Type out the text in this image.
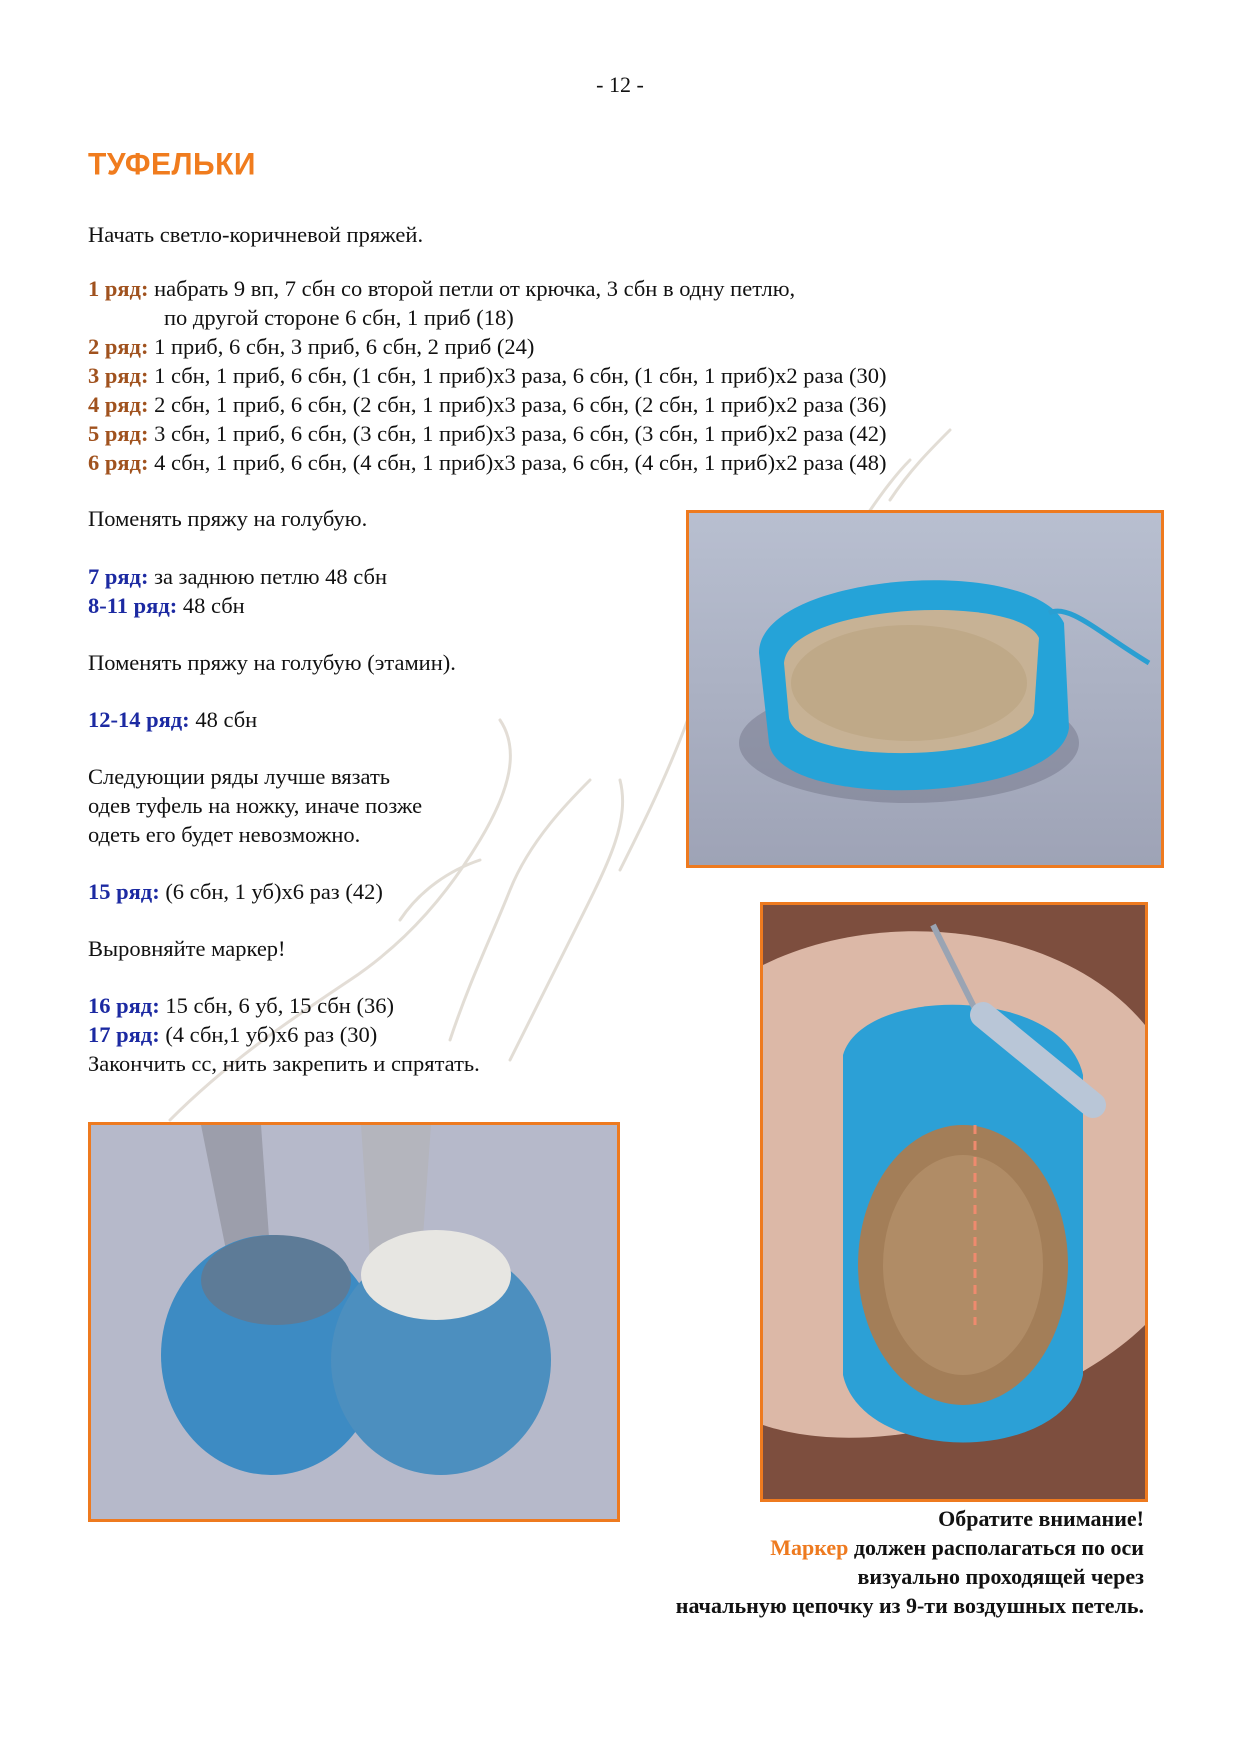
- 12 -
ТУФЕЛЬКИ
Начать светло-коричневой пряжей.
1 ряд: набрать 9 вп, 7 сбн со второй петли от крючка, 3 сбн в одну петлю,
по другой стороне 6 сбн, 1 приб (18)
2 ряд: 1 приб, 6 сбн, 3 приб, 6 сбн, 2 приб (24)
3 ряд: 1 сбн, 1 приб, 6 сбн, (1 сбн, 1 приб)х3 раза, 6 сбн, (1 сбн, 1 приб)х2 раза (30)
4 ряд: 2 сбн, 1 приб, 6 сбн, (2 сбн, 1 приб)х3 раза, 6 сбн, (2 сбн, 1 приб)х2 раза (36)
5 ряд: 3 сбн, 1 приб, 6 сбн, (3 сбн, 1 приб)х3 раза, 6 сбн, (3 сбн, 1 приб)х2 раза (42)
6 ряд: 4 сбн, 1 приб, 6 сбн, (4 сбн, 1 приб)х3 раза, 6 сбн, (4 сбн, 1 приб)х2 раза (48)
Поменять пряжу на голубую.
7 ряд: за заднюю петлю 48 сбн
8-11 ряд: 48 сбн
Поменять пряжу на голубую (этамин).
12-14 ряд: 48 сбн
Следующии ряды лучше вязать
одев туфель на ножку, иначе позже
одеть его будет невозможно.
15 ряд: (6 сбн, 1 уб)х6 раз (42)
Выровняйте маркер!
16 ряд: 15 сбн, 6 уб, 15 сбн (36)
17 ряд: (4 сбн,1 уб)х6 раз (30)
Закончить сс, нить закрепить и спрятать.
Обратите внимание!
Маркер должен располагаться по оси
визуально проходящей через
начальную цепочку из 9-ти воздушных петель.
